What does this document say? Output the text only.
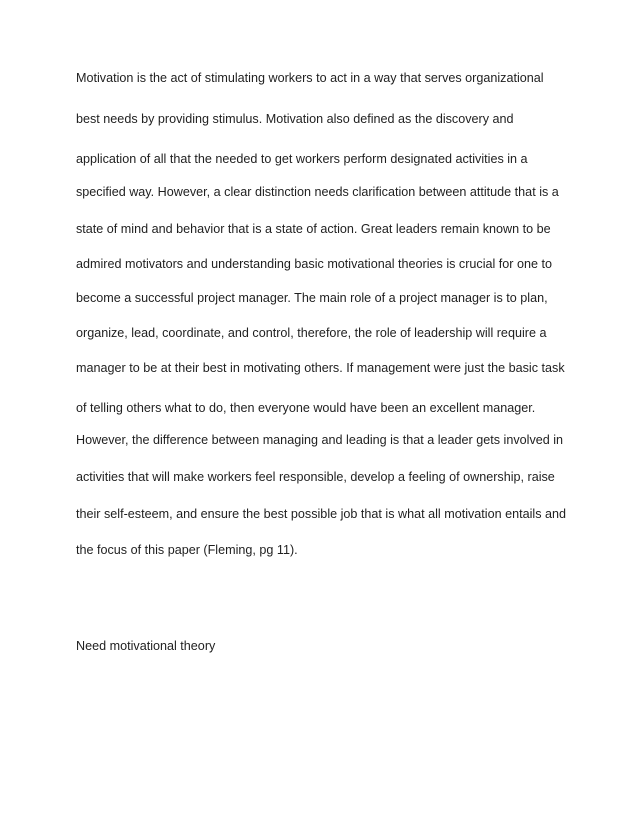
Motivation is the act of stimulating workers to act in a way that serves organizational
best needs by providing stimulus. Motivation also defined as the discovery and
application of all that the needed to get workers perform designated activities in a
specified way. However, a clear distinction needs clarification between attitude that is a
state of mind and behavior that is a state of action. Great leaders remain known to be
admired motivators and understanding basic motivational theories is crucial for one to
become a successful project manager. The main role of a project manager is to plan,
organize, lead, coordinate, and control, therefore, the role of leadership will require a
manager to be at their best in motivating others. If management were just the basic task
of telling others what to do, then everyone would have been an excellent manager.
However, the difference between managing and leading is that a leader gets involved in
activities that will make workers feel responsible, develop a feeling of ownership, raise
their self-esteem, and ensure the best possible job that is what all motivation entails and
the focus of this paper (Fleming, pg 11).
Need motivational theory
